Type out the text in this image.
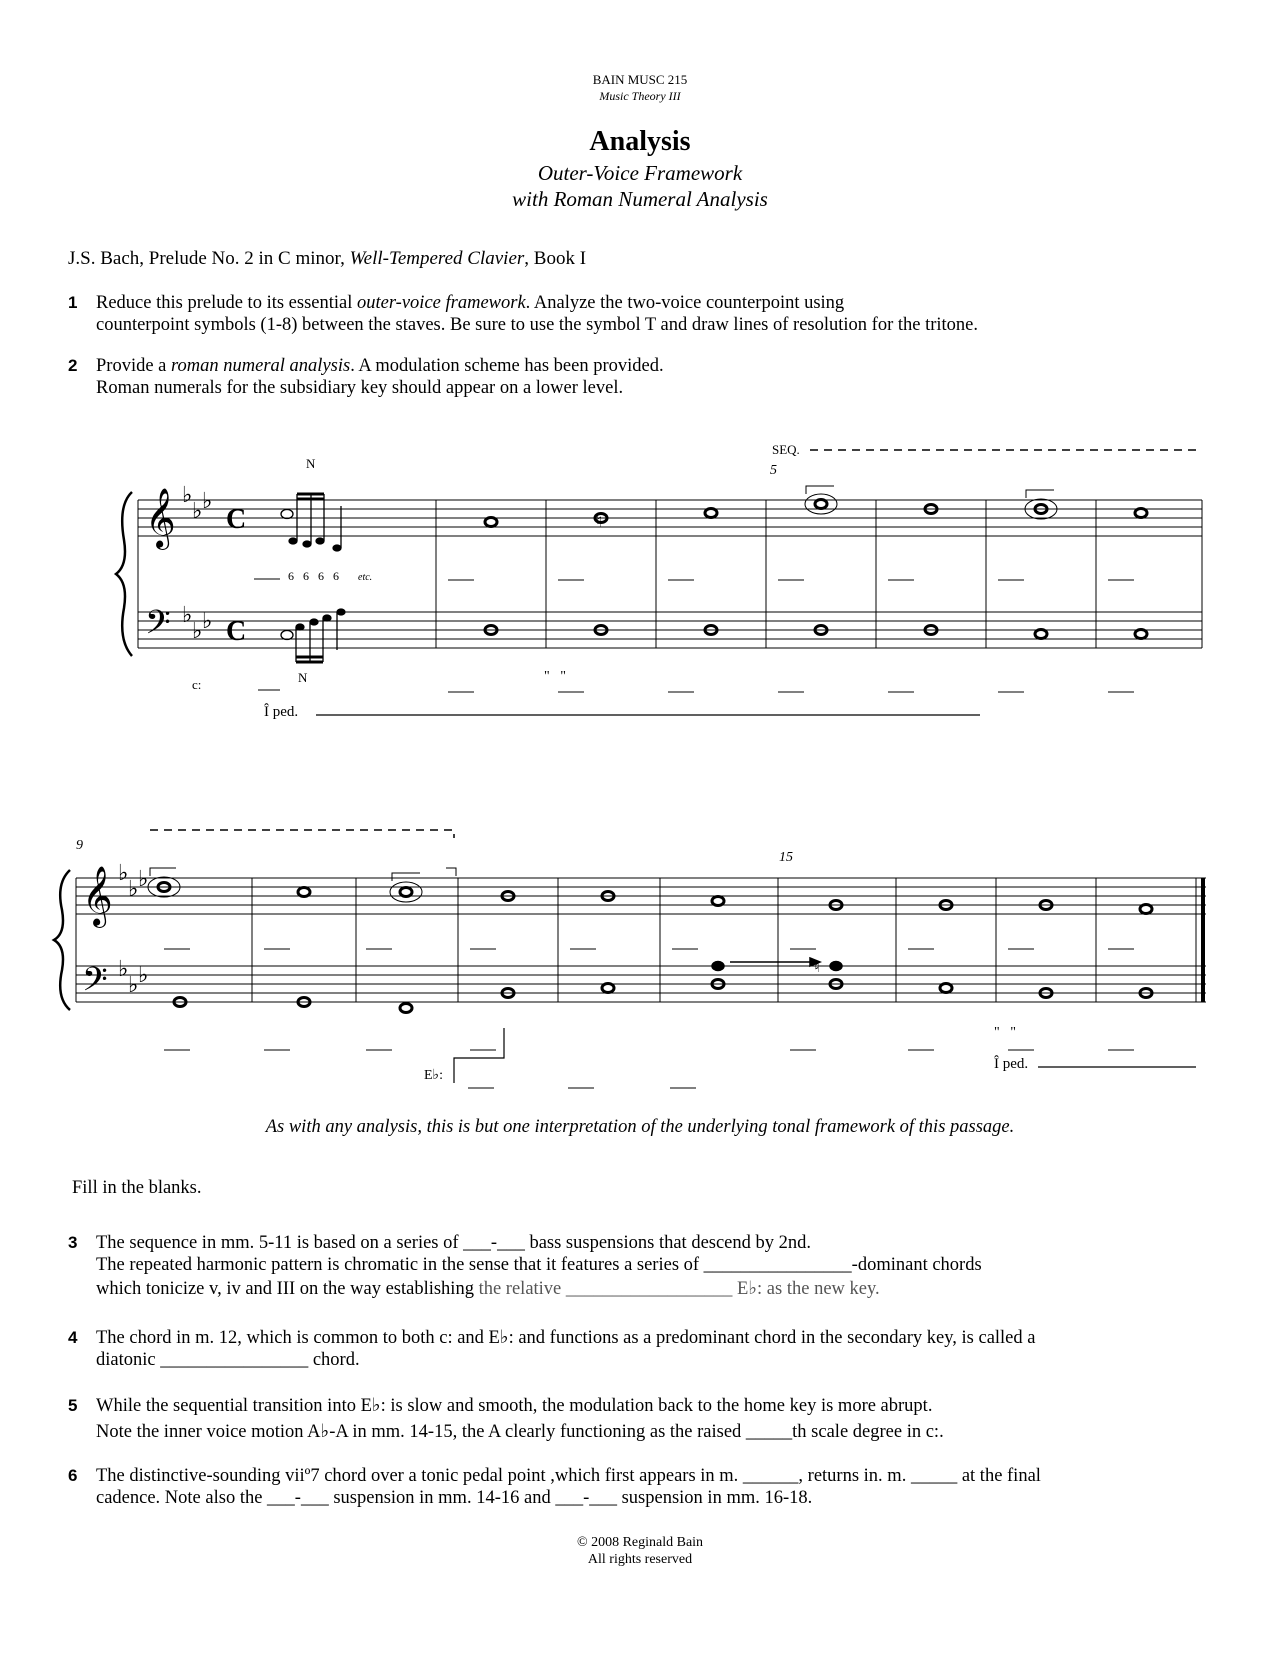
BAIN MUSC 215
Music Theory III
Analysis
Outer-Voice Framework
with Roman Numeral Analysis
J.S. Bach, Prelude No. 2 in C minor, Well-Tempered Clavier, Book I
1 Reduce this prelude to its essential outer-voice framework. Analyze the two-voice counterpoint using
counterpoint symbols (1-8) between the staves. Be sure to use the symbol T and draw lines of resolution for the tritone.
2 Provide a roman numeral analysis. A modulation scheme has been provided.
Roman numerals for the subsidiary key should appear on a lower level.
𝄞
𝄢
𝄞
𝄢
♭
♭ ♭
♭
♭ ♭
♭
♭ ♭
♭
♭ ♭
C
C
♮
♮
SEQ.
5
9
15
N
N
6   6   6   6 etc.
c:
E♭:
Î ped.
Î ped.
"   "
"   "
As with any analysis, this is but one interpretation of the underlying tonal framework of this passage.
Fill in the blanks.
3 The sequence in mm. 5-11 is based on a series of ___-___ bass suspensions that descend by 2nd.
The repeated harmonic pattern is chromatic in the sense that it features a series of ________________-dominant chords
which tonicize v, iv and III on the way establishing the relative __________________ E♭: as the new key.
4 The chord in m. 12, which is common to both c: and E♭: and functions as a predominant chord in the secondary key, is called a
diatonic ________________ chord.
5 While the sequential transition into E♭: is slow and smooth, the modulation back to the home key is more abrupt.
Note the inner voice motion A♭-A in mm. 14-15, the A clearly functioning as the raised _____th scale degree in c:.
6 The distinctive-sounding viiº7 chord over a tonic pedal point ,which first appears in m. ______, returns in. m. _____ at the final
cadence. Note also the ___-___ suspension in mm. 14-16 and ___-___ suspension in mm. 16-18.
© 2008 Reginald Bain
All rights reserved
